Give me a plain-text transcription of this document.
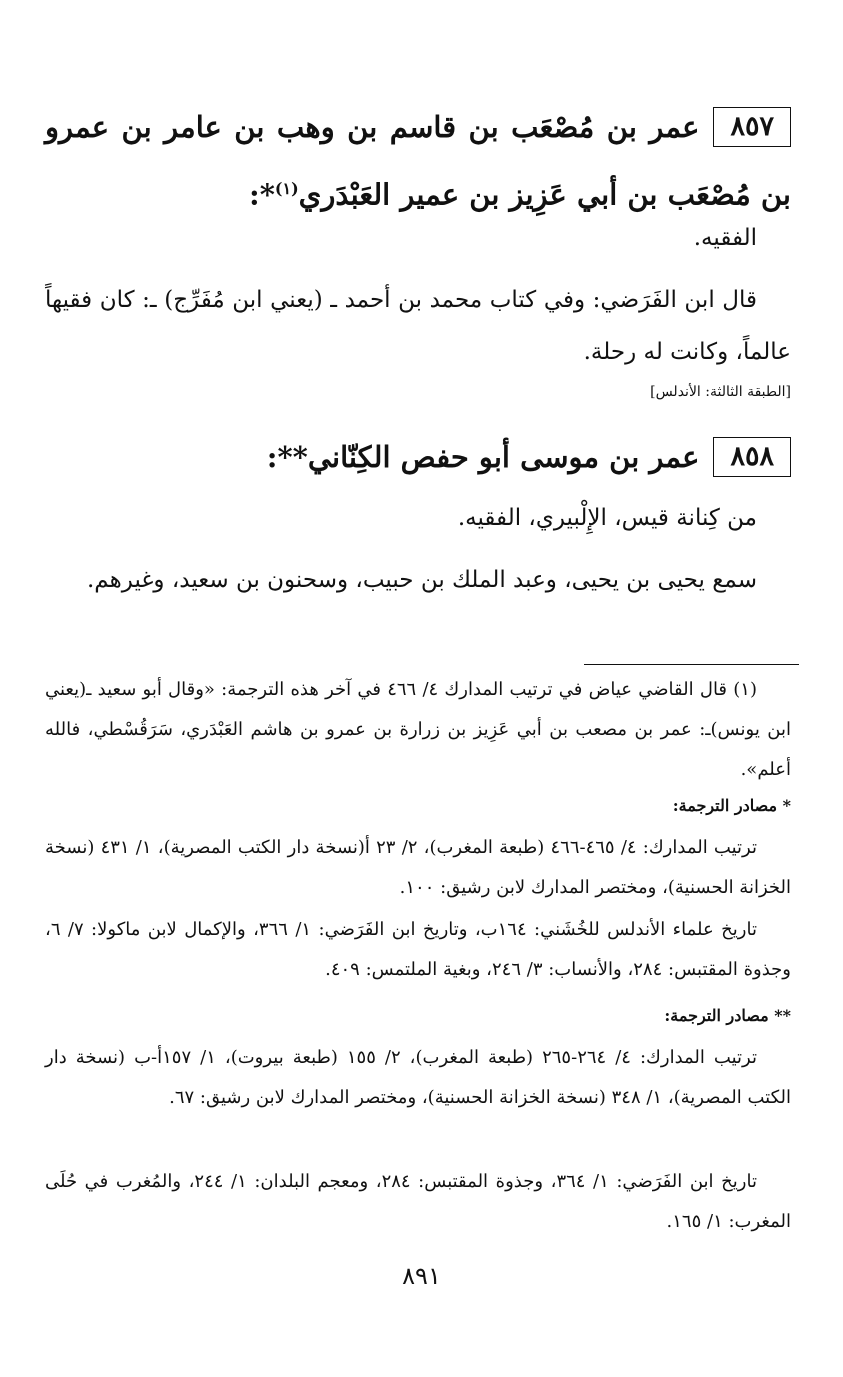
٨٥٧عمر بن مُصْعَب بن قاسم بن وهب بن عامر بن عمرو بن مُصْعَب بن أبي عَزِيز بن عمير العَبْدَري$^{(١)}$*:
الفقيه.
قال ابن الفَرَضي: وفي كتاب محمد بن أحمد ـ (يعني ابن مُفَرِّج) ـ: كان فقيهاً عالماً، وكانت له رحلة.
[الطبقة الثالثة: الأندلس]
٨٥٨عمر بن موسى أبو حفص الكِنّاني**:
من كِنانة قيس، الإِلْبيري، الفقيه.
سمع يحيى بن يحيى، وعبد الملك بن حبيب، وسحنون بن سعيد، وغيرهم.
(١) قال القاضي عياض في ترتيب المدارك ٤/ ٤٦٦ في آخر هذه الترجمة: «وقال أبو سعيد ـ(يعني ابن يونس)ـ: عمر بن مصعب بن أبي عَزِيز بن زرارة بن عمرو بن هاشم العَبْدَري، سَرَقُسْطي، فالله أعلم».
* مصادر الترجمة:
ترتيب المدارك: ٤/ ٤٦٥-٤٦٦ (طبعة المغرب)، ٢/ ٢٣ أ(نسخة دار الكتب المصرية)، ١/ ٤٣١ (نسخة الخزانة الحسنية)، ومختصر المدارك لابن رشيق: ١٠٠.
تاريخ علماء الأندلس للخُشَني: ١٦٤ب، وتاريخ ابن الفَرَضي: ١/ ٣٦٦، والإكمال لابن ماكولا: ٧/ ٦، وجذوة المقتبس: ٢٨٤، والأنساب: ٣/ ٢٤٦، وبغية الملتمس: ٤٠٩.
** مصادر الترجمة:
ترتيب المدارك: ٤/ ٢٦٤-٢٦٥ (طبعة المغرب)، ٢/ ١٥٥ (طبعة بيروت)، ١/ ١٥٧أ-ب (نسخة دار الكتب المصرية)، ١/ ٣٤٨ (نسخة الخزانة الحسنية)، ومختصر المدارك لابن رشيق: ٦٧.
تاريخ ابن الفَرَضي: ١/ ٣٦٤، وجذوة المقتبس: ٢٨٤، ومعجم البلدان: ١/ ٢٤٤، والمُغرب في حُلَى المغرب: ١/ ١٦٥.
٨٩١
